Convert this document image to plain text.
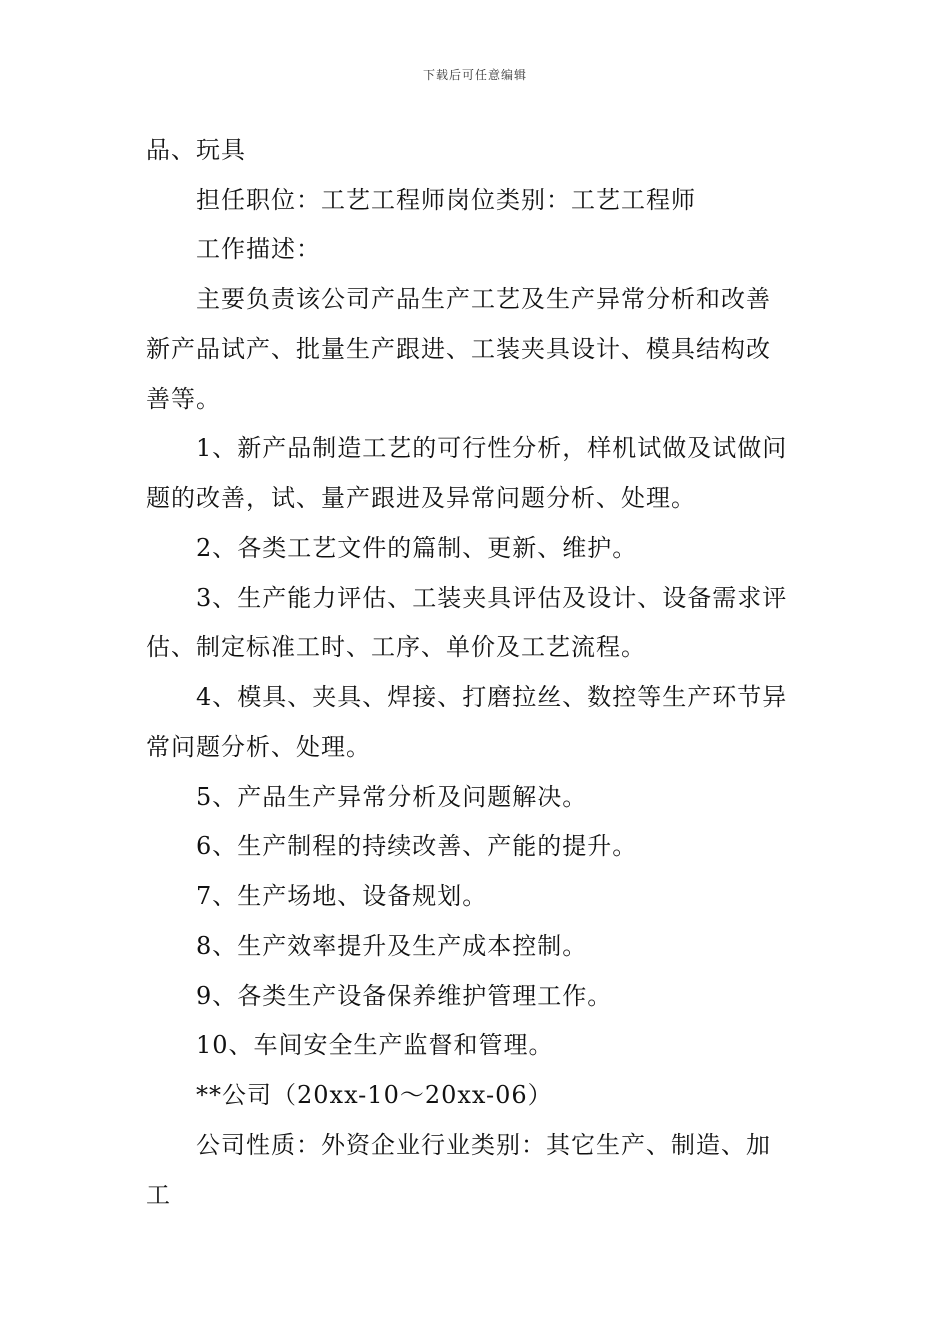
下载后可任意编辑
品、玩具
担任职位：工艺工程师岗位类别：工艺工程师
工作描述：
主要负责该公司产品生产工艺及生产异常分析和改善
新产品试产、批量生产跟进、工装夹具设计、模具结构改
善等。
1、新产品制造工艺的可行性分析，样机试做及试做问
题的改善，试、量产跟进及异常问题分析、处理。
2、各类工艺文件的篇制、更新、维护。
3、生产能力评估、工装夹具评估及设计、设备需求评
估、制定标准工时、工序、单价及工艺流程。
4、模具、夹具、焊接、打磨拉丝、数控等生产环节异
常问题分析、处理。
5、产品生产异常分析及问题解决。
6、生产制程的持续改善、产能的提升。
7、生产场地、设备规划。
8、生产效率提升及生产成本控制。
9、各类生产设备保养维护管理工作。
10、车间安全生产监督和管理。
**公司（20xx-10～20xx-06）
公司性质：外资企业行业类别：其它生产、制造、加
工
